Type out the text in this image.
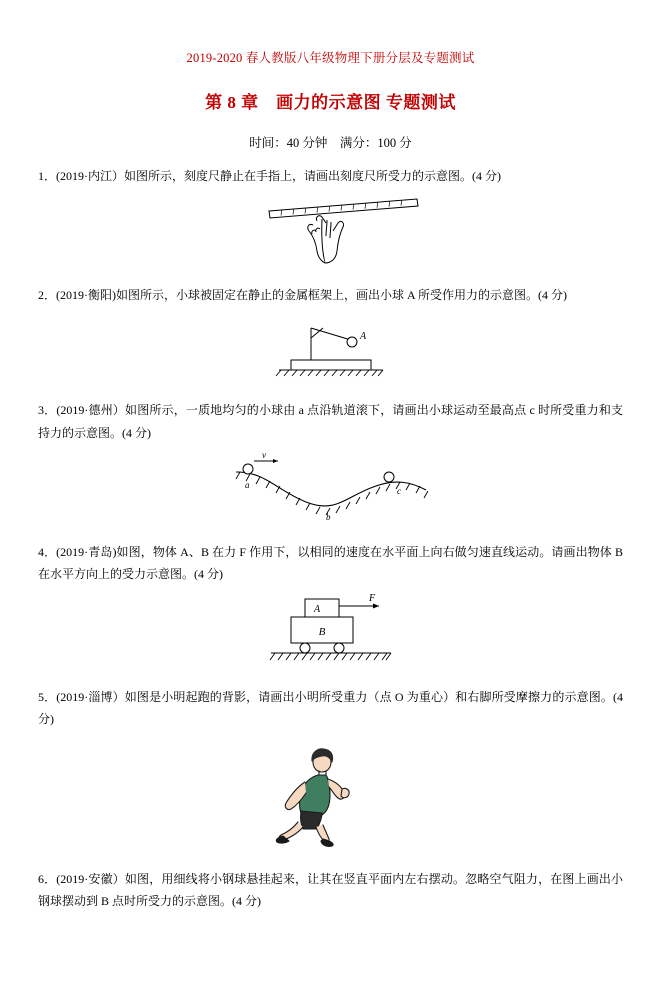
2019-2020 春人教版八年级物理下册分层及专题测试
第 8 章　画力的示意图 专题测试
时间：40 分钟　满分：100 分
1．(2019·内江）如图所示，刻度尺静止在手指上，请画出刻度尺所受力的示意图。(4 分)
2．(2019·衡阳)如图所示，小球被固定在静止的金属框架上，画出小球 A 所受作用力的示意图。(4 分)
A
3．(2019·德州）如图所示，一质地均匀的小球由 a 点沿轨道滚下，请画出小球运动至最高点 c 时所受重力和支持力的示意图。(4 分)
a
v
b
c
4．(2019·青岛)如图，物体 A、B 在力 F 作用下，以相同的速度在水平面上向右做匀速直线运动。请画出物体 B 在水平方向上的受力示意图。(4 分)
A
B
F
5．(2019·淄博）如图是小明起跑的背影，请画出小明所受重力（点 O 为重心）和右脚所受摩擦力的示意图。(4 分)
6．(2019·安徽）如图，用细线将小钢球悬挂起来，让其在竖直平面内左右摆动。忽略空气阻力，在图上画出小钢球摆动到 B 点时所受力的示意图。(4 分)
